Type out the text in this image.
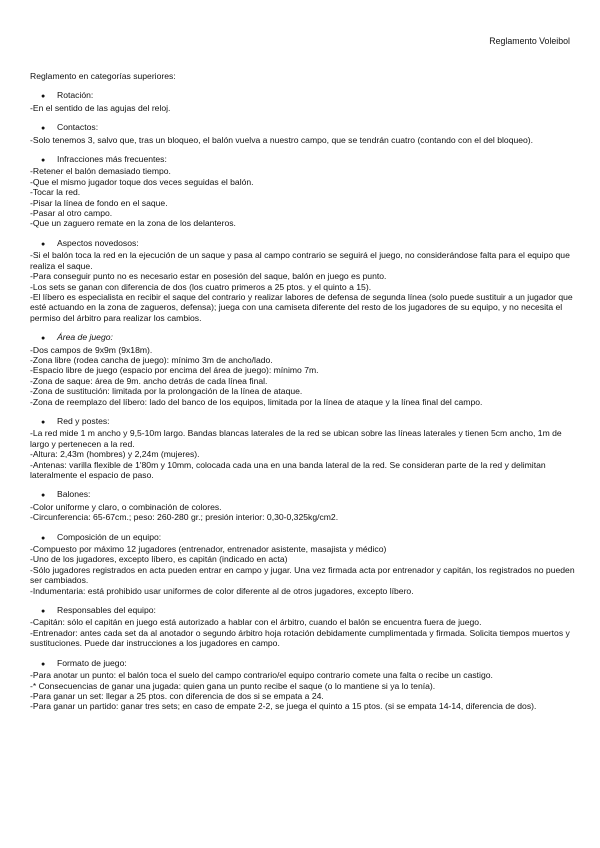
Reglamento Voleibol
Reglamento en categorías superiores:
●	Rotación:
-En el sentido de las agujas del reloj.
●	Contactos:
-Solo tenemos 3, salvo que, tras un bloqueo, el balón vuelva a nuestro campo, que se tendrán cuatro (contando con el del bloqueo).
●	Infracciones más frecuentes:
-Retener el balón demasiado tiempo.
-Que el mismo jugador toque dos veces seguidas el balón.
-Tocar la red.
-Pisar la línea de fondo en el saque.
-Pasar al otro campo.
-Que un zaguero remate en la zona de los delanteros.
●	Aspectos novedosos:
-Si el balón toca la red en la ejecución de un saque y pasa al campo contrario se seguirá el juego, no considerándose falta para el equipo que realiza el saque.
-Para conseguir punto no es necesario estar en posesión del saque, balón en juego es punto.
-Los sets se ganan con diferencia de dos (los cuatro primeros a 25 ptos. y el quinto a 15).
-El líbero es especialista en recibir el saque del contrario y realizar labores de defensa de segunda línea (solo puede sustituir a un jugador que esté actuando en la zona de zagueros, defensa); juega con una camiseta diferente del resto de los jugadores de su equipo, y no necesita el permiso del árbitro para realizar los cambios.
●	Área de juego:
-Dos campos de 9x9m (9x18m).
-Zona libre (rodea cancha de juego): mínimo 3m de ancho/lado.
-Espacio libre de juego (espacio por encima del área de juego): mínimo 7m.
-Zona de saque: área de 9m. ancho detrás de cada línea final.
-Zona de sustitución: limitada por la prolongación de la línea de ataque.
-Zona de reemplazo del líbero: lado del banco de los equipos, limitada por la línea de ataque y la línea final del campo.
●	Red y postes:
-La red mide 1 m ancho y 9,5-10m largo. Bandas blancas laterales de la red se ubican sobre las líneas laterales y tienen 5cm ancho, 1m de largo y pertenecen a la red.
-Altura: 2,43m (hombres) y 2,24m (mujeres).
-Antenas: varilla flexible de 1'80m y 10mm, colocada cada una en una banda lateral de la red. Se consideran parte de la red y delimitan lateralmente el espacio de paso.
●	Balones:
-Color uniforme y claro, o combinación de colores.
-Circunferencia: 65-67cm.; peso: 260-280 gr.; presión interior: 0,30-0,325kg/cm2.
●	Composición de un equipo:
-Compuesto por máximo 12 jugadores (entrenador, entrenador asistente, masajista y médico)
-Uno de los jugadores, excepto líbero, es capitán (indicado en acta)
-Sólo jugadores registrados en acta pueden entrar en campo y jugar. Una vez firmada acta por entrenador y capitán, los registrados no pueden ser cambiados.
-Indumentaria: está prohibido usar uniformes de color diferente al de otros jugadores, excepto líbero.
●	Responsables del equipo:
-Capitán: sólo el capitán en juego está autorizado a hablar con el árbitro, cuando el balón se encuentra fuera de juego.
-Entrenador: antes cada set da al anotador o segundo árbitro hoja rotación debidamente cumplimentada y firmada. Solicita tiempos muertos y sustituciones. Puede dar instrucciones a los jugadores en campo.
●	Formato de juego:
-Para anotar un punto: el balón toca el suelo del campo contrario/el equipo contrario comete una falta o recibe un castigo.
-* Consecuencias de ganar una jugada: quien gana un punto recibe el saque (o lo mantiene si ya lo tenía).
-Para ganar un set: llegar a 25 ptos. con diferencia de dos si se empata a 24.
-Para ganar un partido: ganar tres sets; en caso de empate 2-2, se juega el quinto a 15 ptos. (si se empata 14-14, diferencia de dos).
